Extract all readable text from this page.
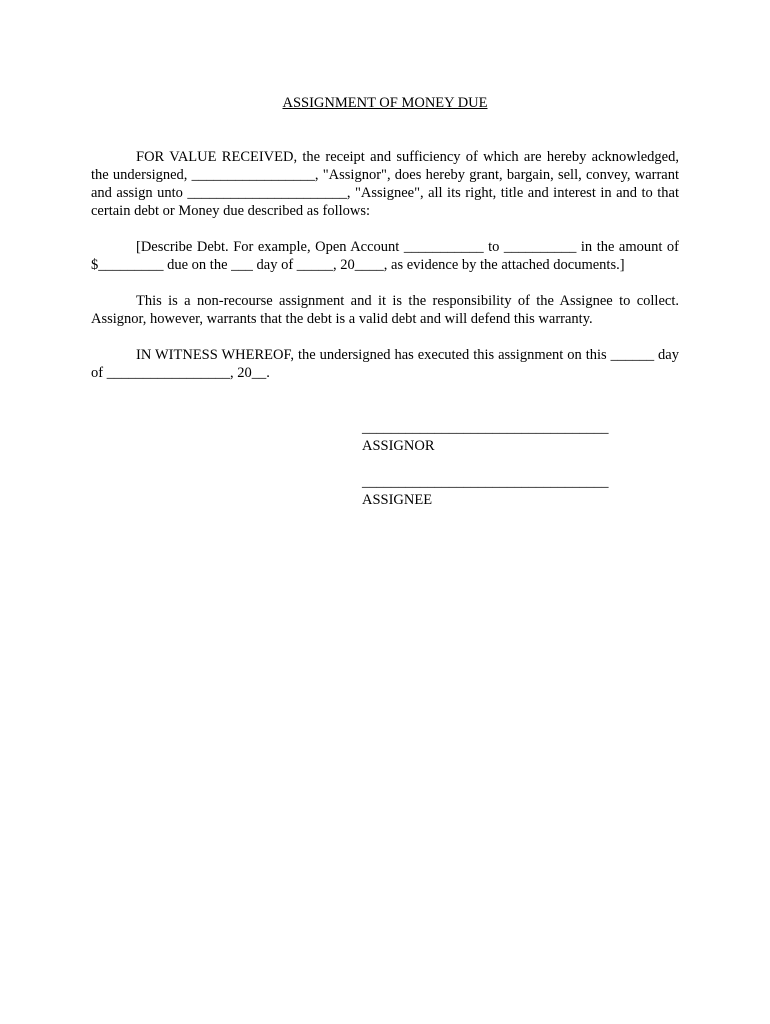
ASSIGNMENT OF MONEY DUE

FOR VALUE RECEIVED, the receipt and sufficiency of which are hereby acknowledged, the undersigned, _________________, "Assignor", does hereby grant, bargain, sell, convey, warrant and assign unto ______________________, "Assignee", all its right, title and interest in and to that certain debt or Money due described as follows:

[Describe Debt. For example, Open Account ___________ to __________ in the amount of $_________ due on the ___ day of _____, 20____, as evidence by the attached documents.]

This is a non-recourse assignment and it is the responsibility of the Assignee to collect. Assignor, however, warrants that the debt is a valid debt and will defend this warranty.

IN WITNESS WHEREOF, the undersigned has executed this assignment on this ______ day of _________________, 20__.

__________________________________

ASSIGNOR

__________________________________

ASSIGNEE
